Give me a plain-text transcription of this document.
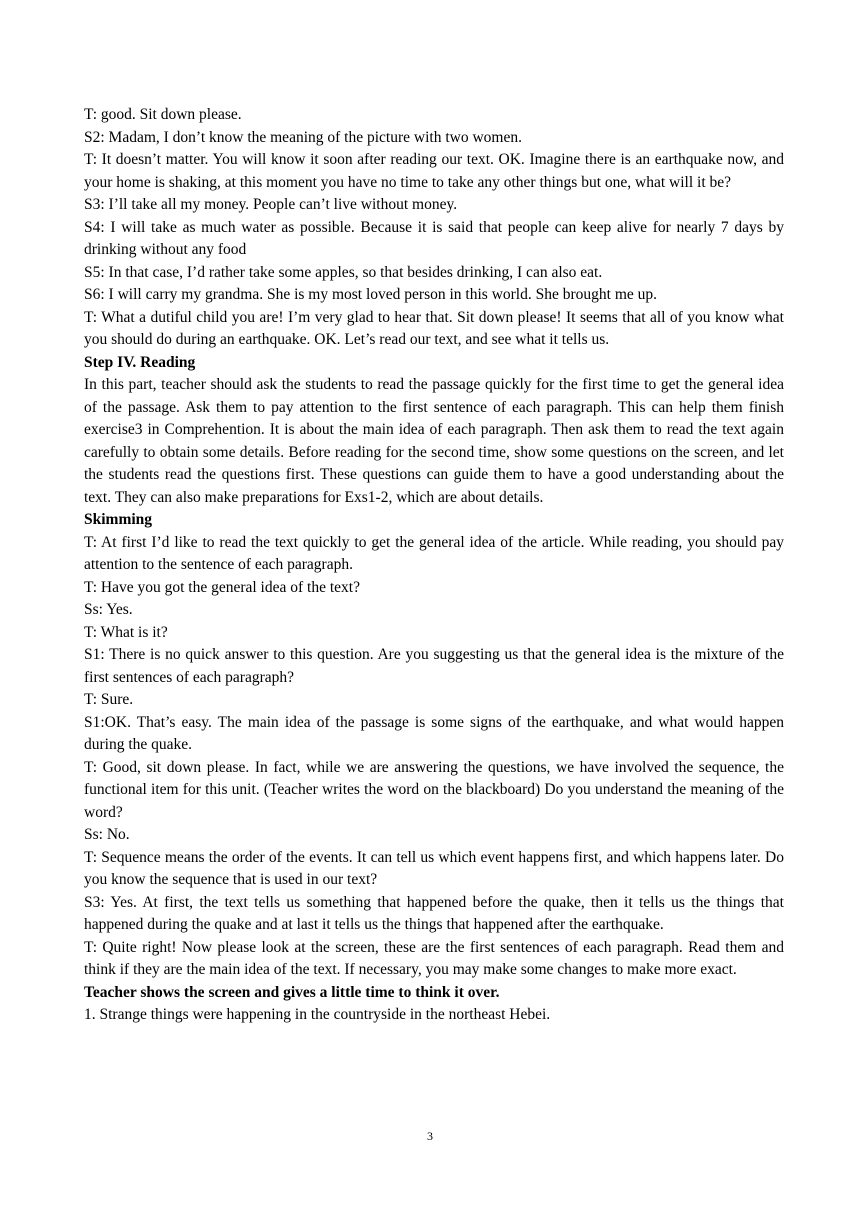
T: good. Sit down please.

S2: Madam, I don’t know the meaning of the picture with two women.

T: It doesn’t matter. You will know it soon after reading our text. OK. Imagine there is an earthquake now, and your home is shaking, at this moment you have no time to take any other things but one, what will it be?

S3: I’ll take all my money. People can’t live without money.

S4: I will take as much water as possible. Because it is said that people can keep alive for nearly 7 days by drinking without any food

S5: In that case, I’d rather take some apples, so that besides drinking, I can also eat.

S6: I will carry my grandma. She is my most loved person in this world. She brought me up.

T: What a dutiful child you are! I’m very glad to hear that. Sit down please! It seems that all of you know what you should do during an earthquake. OK. Let’s read our text, and see what it tells us.

Step IV. Reading

In this part, teacher should ask the students to read the passage quickly for the first time to get the general idea of the passage. Ask them to pay attention to the first sentence of each paragraph. This can help them finish exercise3 in Comprehention. It is about the main idea of each paragraph. Then ask them to read the text again carefully to obtain some details. Before reading for the second time, show some questions on the screen, and let the students read the questions first. These questions can guide them to have a good understanding about the text. They can also make preparations for Exs1-2, which are about details.

Skimming

T: At first I’d like to read the text quickly to get the general idea of the article. While reading, you should pay attention to the sentence of each paragraph.

T: Have you got the general idea of the text?

Ss: Yes.

T: What is it?

S1: There is no quick answer to this question. Are you suggesting us that the general idea is the mixture of the first sentences of each paragraph?

T: Sure.

S1:OK. That’s easy. The main idea of the passage is some signs of the earthquake, and what would happen during the quake.

T: Good, sit down please. In fact, while we are answering the questions, we have involved the sequence, the functional item for this unit. (Teacher writes the word on the blackboard) Do you understand the meaning of the word?

Ss: No.

T: Sequence means the order of the events. It can tell us which event happens first, and which happens later. Do you know the sequence that is used in our text?

S3: Yes. At first, the text tells us something that happened before the quake, then it tells us the things that happened during the quake and at last it tells us the things that happened after the earthquake.

T: Quite right! Now please look at the screen, these are the first sentences of each paragraph. Read them and think if they are the main idea of the text. If necessary, you may make some changes to make more exact.

Teacher shows the screen and gives a little time to think it over.

1. Strange things were happening in the countryside in the northeast Hebei.

3
